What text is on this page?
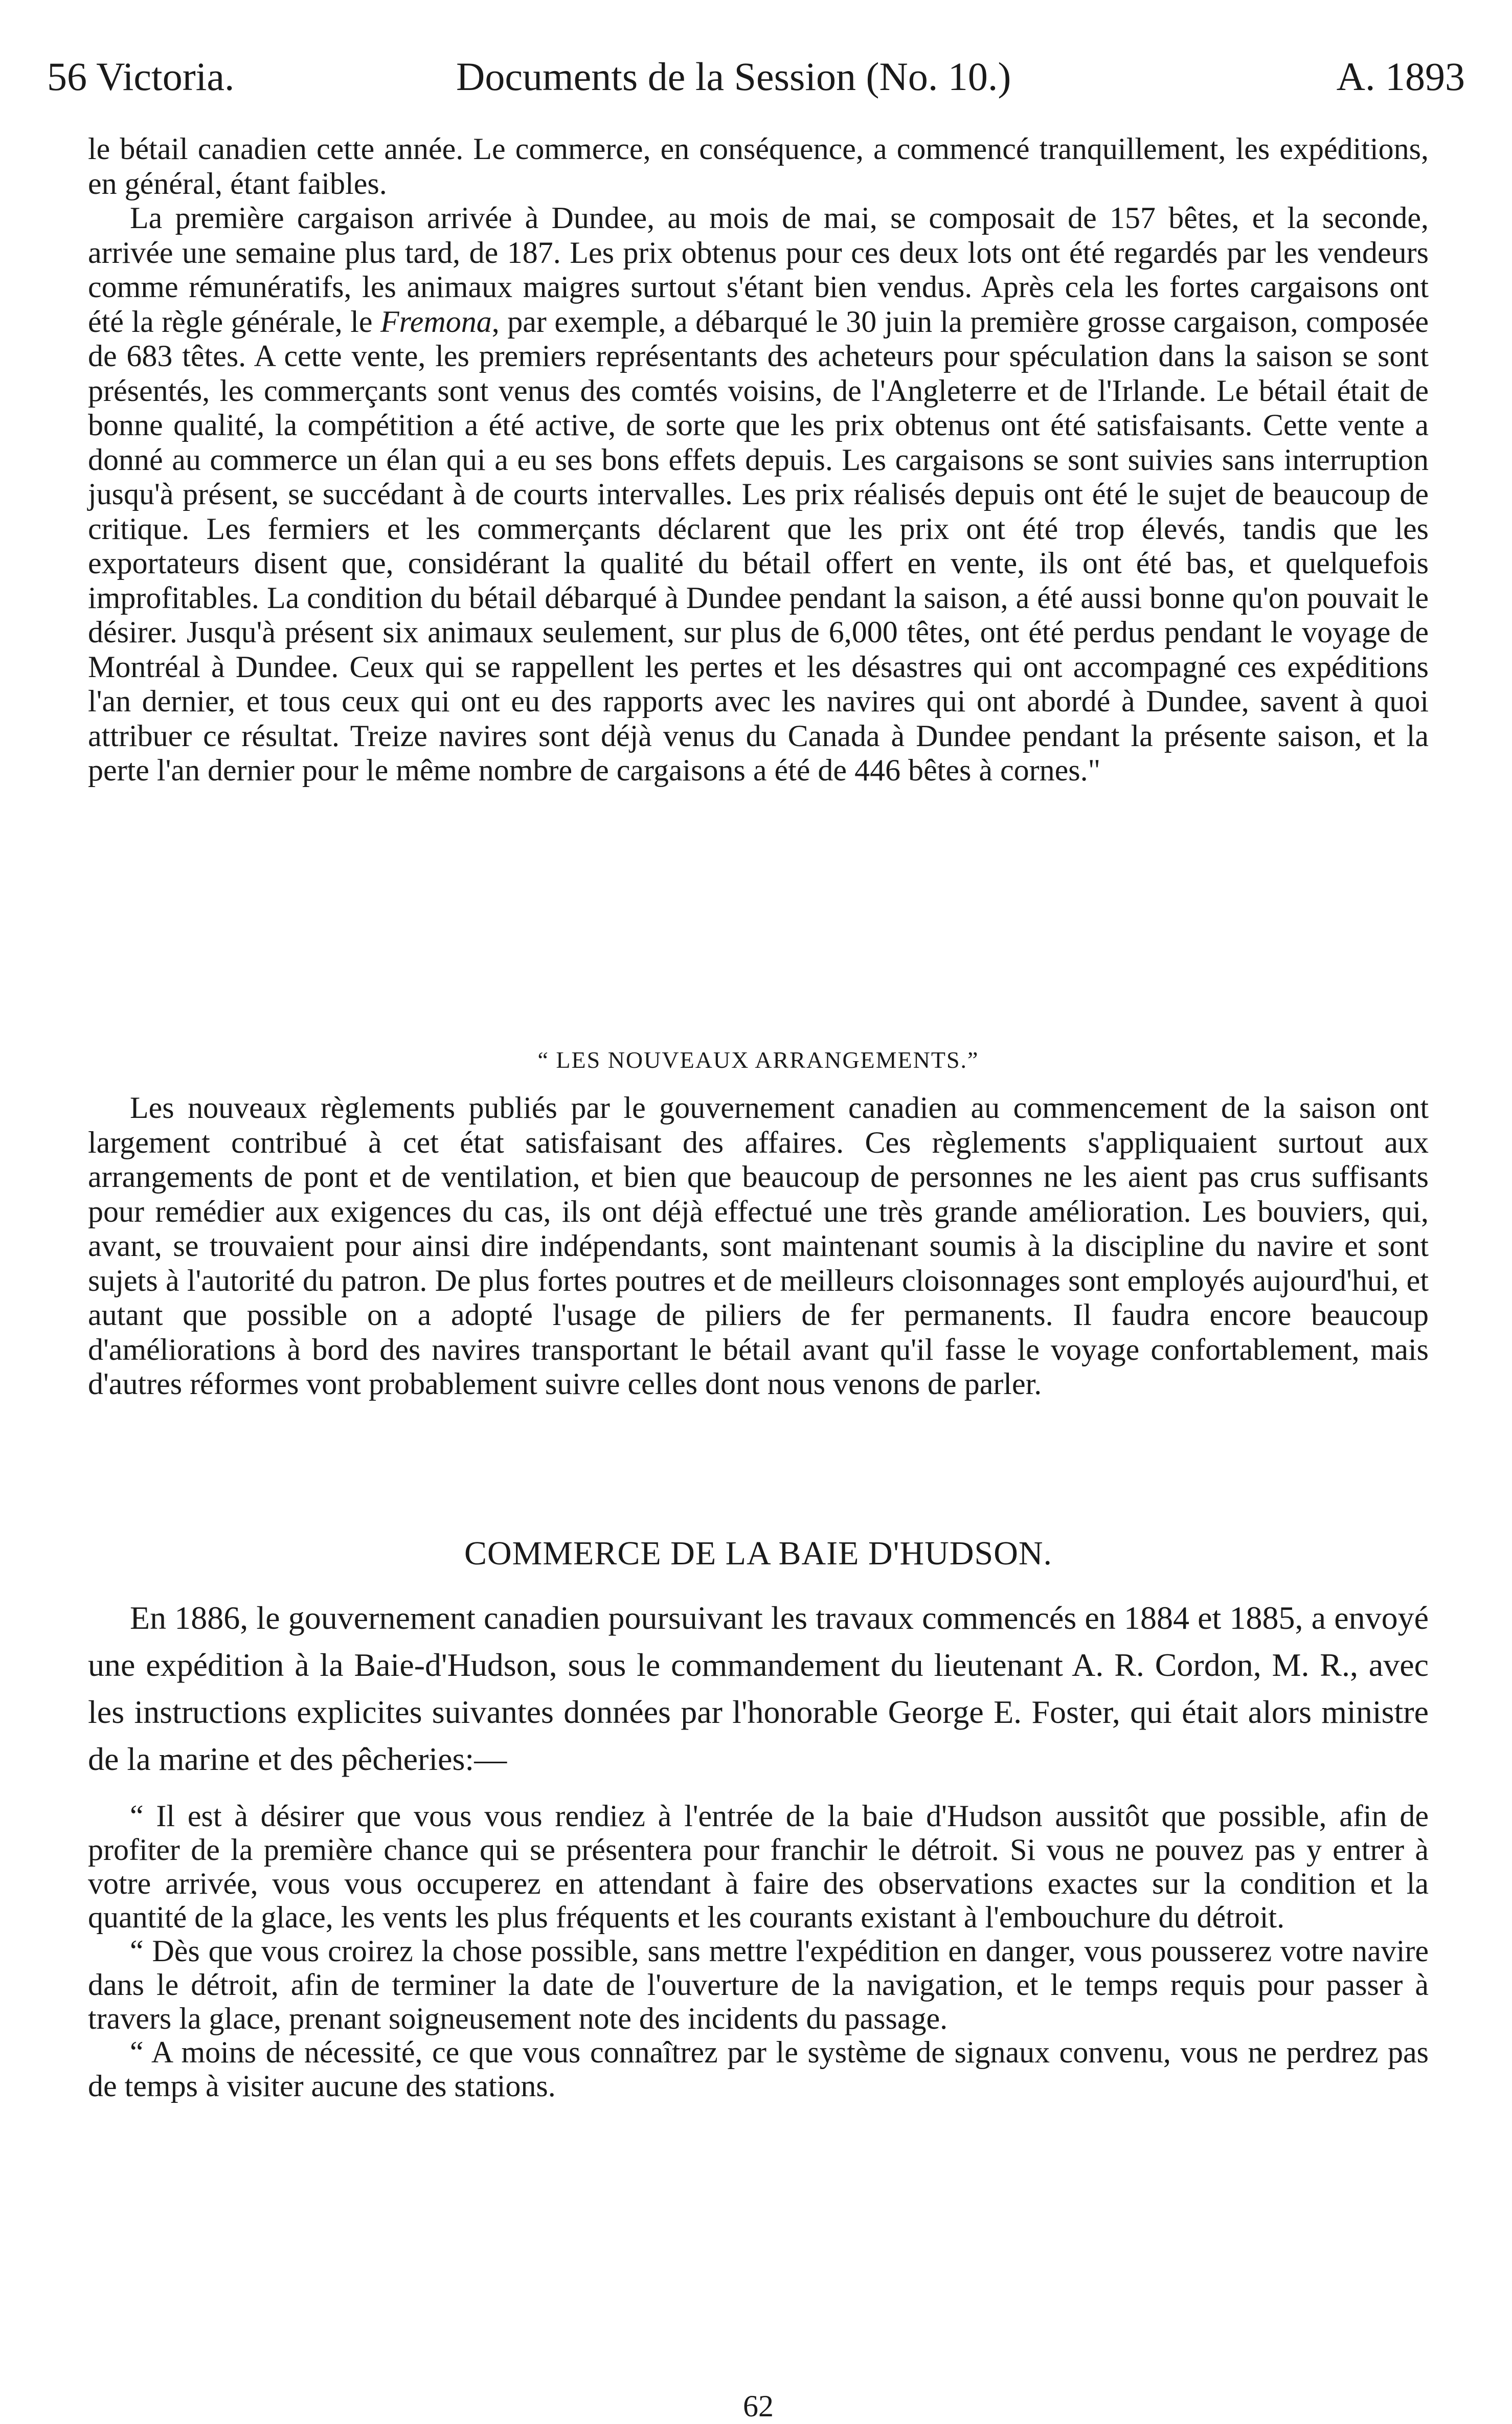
56 Victoria.	Documents de la Session (No. 10.)	A. 1893

le bétail canadien cette année. Le commerce, en conséquence, a commencé tranquillement, les expéditions, en général, étant faibles.

La première cargaison arrivée à Dundee, au mois de mai, se composait de 157 bêtes, et la seconde, arrivée une semaine plus tard, de 187. Les prix obtenus pour ces deux lots ont été regardés par les vendeurs comme rémunératifs, les animaux maigres surtout s'étant bien vendus. Après cela les fortes cargaisons ont été la règle générale, le Fremona, par exemple, a débarqué le 30 juin la première grosse cargaison, composée de 683 têtes. A cette vente, les premiers représentants des acheteurs pour spéculation dans la saison se sont présentés, les commerçants sont venus des comtés voisins, de l'Angleterre et de l'Irlande. Le bétail était de bonne qualité, la compétition a été active, de sorte que les prix obtenus ont été satisfaisants. Cette vente a donné au commerce un élan qui a eu ses bons effets depuis. Les cargaisons se sont suivies sans interruption jusqu'à présent, se succédant à de courts intervalles. Les prix réalisés depuis ont été le sujet de beaucoup de critique. Les fermiers et les commerçants déclarent que les prix ont été trop élevés, tandis que les exportateurs disent que, considérant la qualité du bétail offert en vente, ils ont été bas, et quelquefois improfitables. La condition du bétail débarqué à Dundee pendant la saison, a été aussi bonne qu'on pouvait le désirer. Jusqu'à présent six animaux seulement, sur plus de 6,000 têtes, ont été perdus pendant le voyage de Montréal à Dundee. Ceux qui se rappellent les pertes et les désastres qui ont accompagné ces expéditions l'an dernier, et tous ceux qui ont eu des rapports avec les navires qui ont abordé à Dundee, savent à quoi attribuer ce résultat. Treize navires sont déjà venus du Canada à Dundee pendant la présente saison, et la perte l'an dernier pour le même nombre de cargaisons a été de 446 bêtes à cornes."

“ LES NOUVEAUX ARRANGEMENTS.”

Les nouveaux règlements publiés par le gouvernement canadien au commencement de la saison ont largement contribué à cet état satisfaisant des affaires. Ces règlements s'appliquaient surtout aux arrangements de pont et de ventilation, et bien que beaucoup de personnes ne les aient pas crus suffisants pour remédier aux exigences du cas, ils ont déjà effectué une très grande amélioration. Les bouviers, qui, avant, se trouvaient pour ainsi dire indépendants, sont maintenant soumis à la discipline du navire et sont sujets à l'autorité du patron. De plus fortes poutres et de meilleurs cloisonnages sont employés aujourd'hui, et autant que possible on a adopté l'usage de piliers de fer permanents. Il faudra encore beaucoup d'améliorations à bord des navires transportant le bétail avant qu'il fasse le voyage confortablement, mais d'autres réformes vont probablement suivre celles dont nous venons de parler.

COMMERCE DE LA BAIE D'HUDSON.

En 1886, le gouvernement canadien poursuivant les travaux commencés en 1884 et 1885, a envoyé une expédition à la Baie-d'Hudson, sous le commandement du lieutenant A. R. Cordon, M. R., avec les instructions explicites suivantes données par l'honorable George E. Foster, qui était alors ministre de la marine et des pêcheries:—

“ Il est à désirer que vous vous rendiez à l'entrée de la baie d'Hudson aussitôt que possible, afin de profiter de la première chance qui se présentera pour franchir le détroit. Si vous ne pouvez pas y entrer à votre arrivée, vous vous occuperez en attendant à faire des observations exactes sur la condition et la quantité de la glace, les vents les plus fréquents et les courants existant à l'embouchure du détroit.

“ Dès que vous croirez la chose possible, sans mettre l'expédition en danger, vous pousserez votre navire dans le détroit, afin de terminer la date de l'ouverture de la navigation, et le temps requis pour passer à travers la glace, prenant soigneusement note des incidents du passage.

“ A moins de nécessité, ce que vous connaîtrez par le système de signaux convenu, vous ne perdrez pas de temps à visiter aucune des stations.

62
